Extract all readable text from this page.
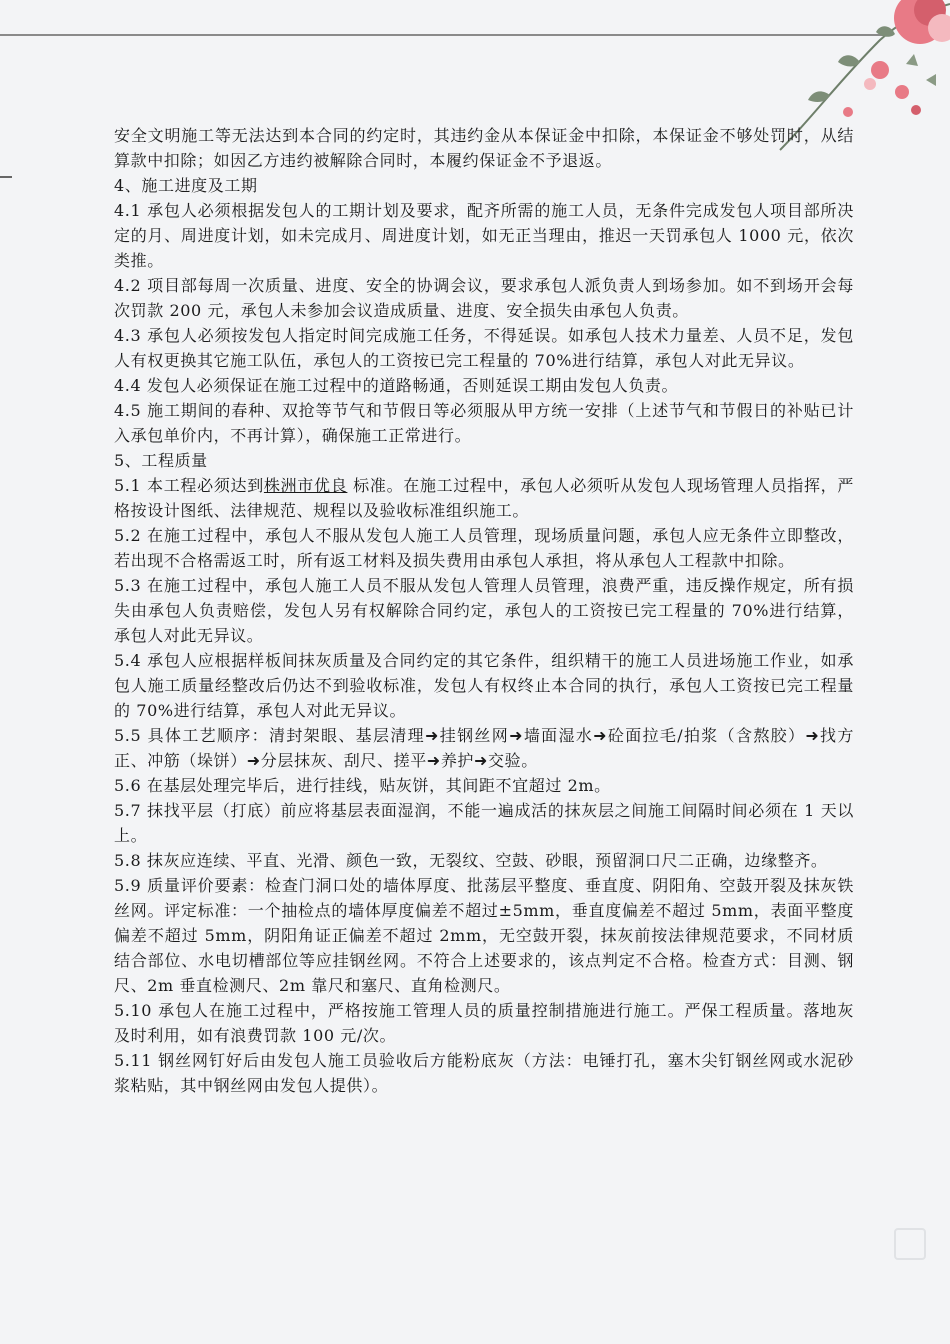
安全文明施工等无法达到本合同的约定时，其违约金从本保证金中扣除，本保证金不够处罚时，从结算款中扣除；如因乙方违约被解除合同时，本履约保证金不予退返。

4、施工进度及工期

4.1 承包人必须根据发包人的工期计划及要求，配齐所需的施工人员，无条件完成发包人项目部所决定的月、周进度计划，如未完成月、周进度计划，如无正当理由，推迟一天罚承包人 1000 元，依次类推。

4.2 项目部每周一次质量、进度、安全的协调会议，要求承包人派负责人到场参加。如不到场开会每次罚款 200 元，承包人未参加会议造成质量、进度、安全损失由承包人负责。

4.3 承包人必须按发包人指定时间完成施工任务，不得延误。如承包人技术力量差、人员不足，发包人有权更换其它施工队伍，承包人的工资按已完工程量的 70%进行结算，承包人对此无异议。

4.4 发包人必须保证在施工过程中的道路畅通，否则延误工期由发包人负责。

4.5 施工期间的春种、双抢等节气和节假日等必须服从甲方统一安排（上述节气和节假日的补贴已计入承包单价内，不再计算），确保施工正常进行。

5、工程质量

5.1 本工程必须达到株洲市优良 标准。在施工过程中，承包人必须听从发包人现场管理人员指挥，严格按设计图纸、法律规范、规程以及验收标准组织施工。

5.2 在施工过程中，承包人不服从发包人施工人员管理，现场质量问题，承包人应无条件立即整改，若出现不合格需返工时，所有返工材料及损失费用由承包人承担，将从承包人工程款中扣除。

5.3 在施工过程中，承包人施工人员不服从发包人管理人员管理，浪费严重，违反操作规定，所有损失由承包人负责赔偿，发包人另有权解除合同约定，承包人的工资按已完工程量的 70%进行结算，承包人对此无异议。

5.4 承包人应根据样板间抹灰质量及合同约定的其它条件，组织精干的施工人员进场施工作业，如承包人施工质量经整改后仍达不到验收标准，发包人有权终止本合同的执行，承包人工资按已完工程量的 70%进行结算，承包人对此无异议。

5.5 具体工艺顺序：清封架眼、基层清理➜挂钢丝网➜墙面湿水➜砼面拉毛/拍浆（含熬胶）➜找方正、冲筋（垛饼）➜分层抹灰、刮尺、搓平➜养护➜交验。

5.6 在基层处理完毕后，进行挂线，贴灰饼，其间距不宜超过 2m。

5.7 抹找平层（打底）前应将基层表面湿润，不能一遍成活的抹灰层之间施工间隔时间必须在 1 天以上。

5.8 抹灰应连续、平直、光滑、颜色一致，无裂纹、空鼓、砂眼，预留洞口尺二正确，边缘整齐。

5.9 质量评价要素：检查门洞口处的墙体厚度、批荡层平整度、垂直度、阴阳角、空鼓开裂及抹灰铁丝网。评定标准：一个抽检点的墙体厚度偏差不超过±5mm，垂直度偏差不超过 5mm，表面平整度偏差不超过 5mm，阴阳角证正偏差不超过 2mm，无空鼓开裂，抹灰前按法律规范要求，不同材质结合部位、水电切槽部位等应挂钢丝网。不符合上述要求的，该点判定不合格。检查方式：目测、钢尺、2m 垂直检测尺、2m 靠尺和塞尺、直角检测尺。

5.10 承包人在施工过程中，严格按施工管理人员的质量控制措施进行施工。严保工程质量。落地灰及时利用，如有浪费罚款 100 元/次。

5.11 钢丝网钉好后由发包人施工员验收后方能粉底灰（方法：电锤打孔，塞木尖钉钢丝网或水泥砂浆粘贴，其中钢丝网由发包人提供）。
